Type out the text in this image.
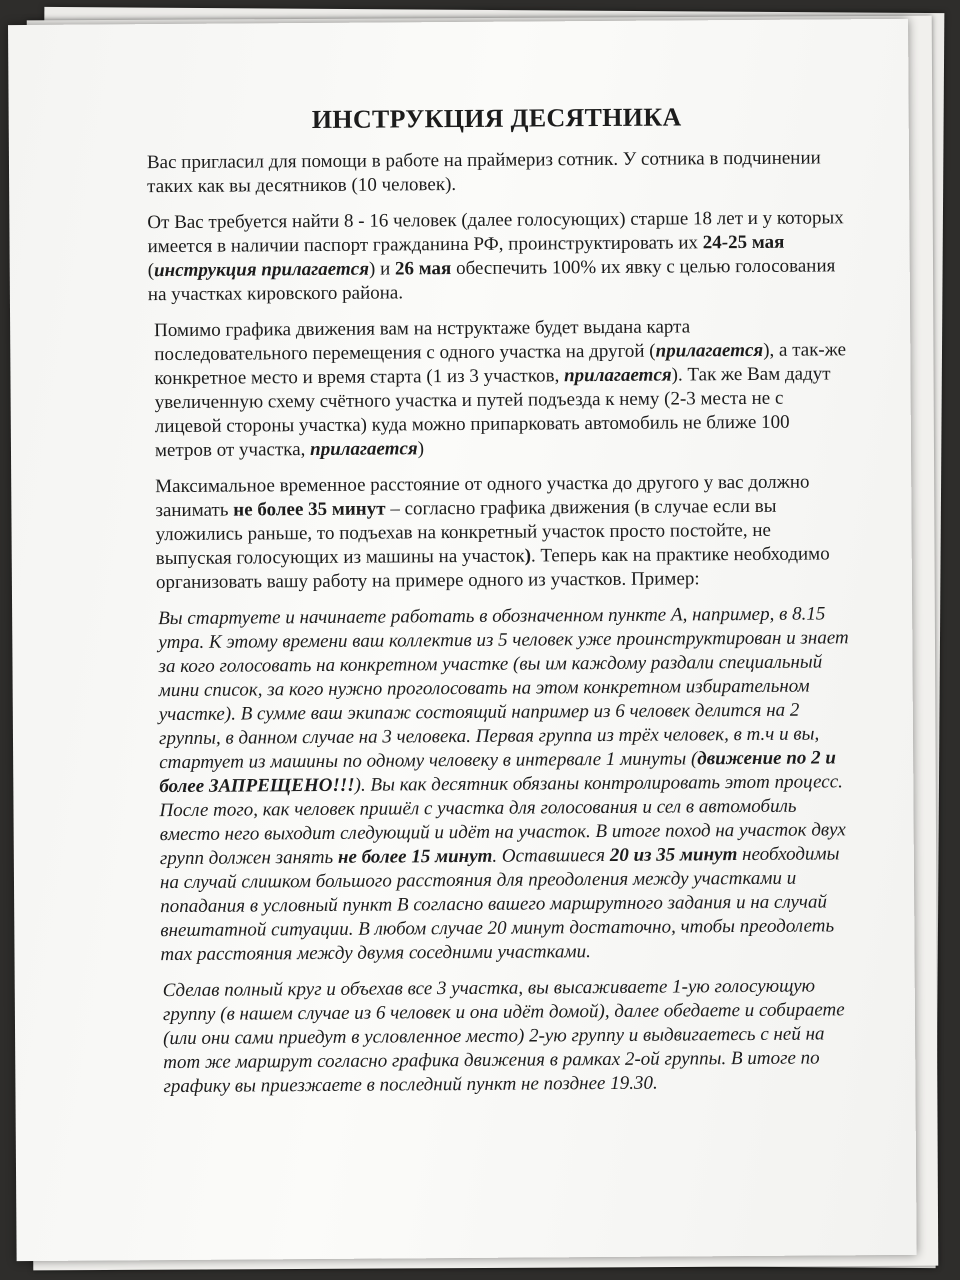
ИНСТРУКЦИЯ ДЕСЯТНИКА

Вас пригласил для помощи в работе на праймериз сотник. У сотника в подчинении таких как вы десятников (10 человек).

От Вас требуется найти 8 - 16 человек (далее голосующих) старше 18 лет и у которых имеется в наличии паспорт гражданина РФ, проинструктировать их 24-25 мая (инструкция прилагается) и 26 мая обеспечить 100% их явку с целью голосования на участках кировского района.

Помимо графика движения вам на нструктаже будет выдана карта последовательного перемещения с одного участка на другой (прилагается), а так-же конкретное место и время старта (1 из 3 участков, прилагается). Так же Вам дадут увеличенную схему счётного участка и путей подъезда к нему (2-3 места не с лицевой стороны участка) куда можно припарковать автомобиль не ближе 100 метров от участка, прилагается)

Максимальное временное расстояние от одного участка до другого у вас должно занимать не более 35 минут – согласно графика движения (в случае если вы уложились раньше, то подъехав на конкретный участок просто постойте, не выпуская голосующих из машины на участок). Теперь как на практике необходимо организовать вашу работу на примере одного из участков. Пример:

Вы стартуете и начинаете работать в обозначенном пункте А, например, в 8.15 утра. К этому времени ваш коллектив из 5 человек уже проинструктирован и знает за кого голосовать на конкретном участке (вы им каждому раздали специальный мини список, за кого нужно проголосовать на этом конкретном избирательном участке). В сумме ваш экипаж состоящий например из 6 человек делится на 2 группы, в данном случае на 3 человека. Первая группа из трёх человек, в т.ч и вы, стартует из машины по одному человеку в интервале 1 минуты (движение по 2 и более ЗАПРЕЩЕНО!!!). Вы как десятник обязаны контролировать этот процесс. После того, как человек пришёл с участка для голосования и сел в автомобиль вместо него выходит следующий и идёт на участок. В итоге поход на участок двух групп должен занять не более 15 минут. Оставшиеся 20 из 35 минут необходимы на случай слишком большого расстояния для преодоления между участками и попадания в условный пункт В согласно вашего маршрутного задания и на случай внештатной ситуации. В любом случае 20 минут достаточно, чтобы преодолеть max расстояния между двумя соседними участками.

Сделав полный круг и объехав все 3 участка, вы высаживаете 1-ую голосующую группу (в нашем случае из 6 человек и она идёт домой), далее обедаете и собираете (или они сами приедут в условленное место) 2-ую группу и выдвигаетесь с ней на тот же маршрут согласно графика движения в рамках 2-ой группы. В итоге по графику вы приезжаете в последний пункт не позднее 19.30.
